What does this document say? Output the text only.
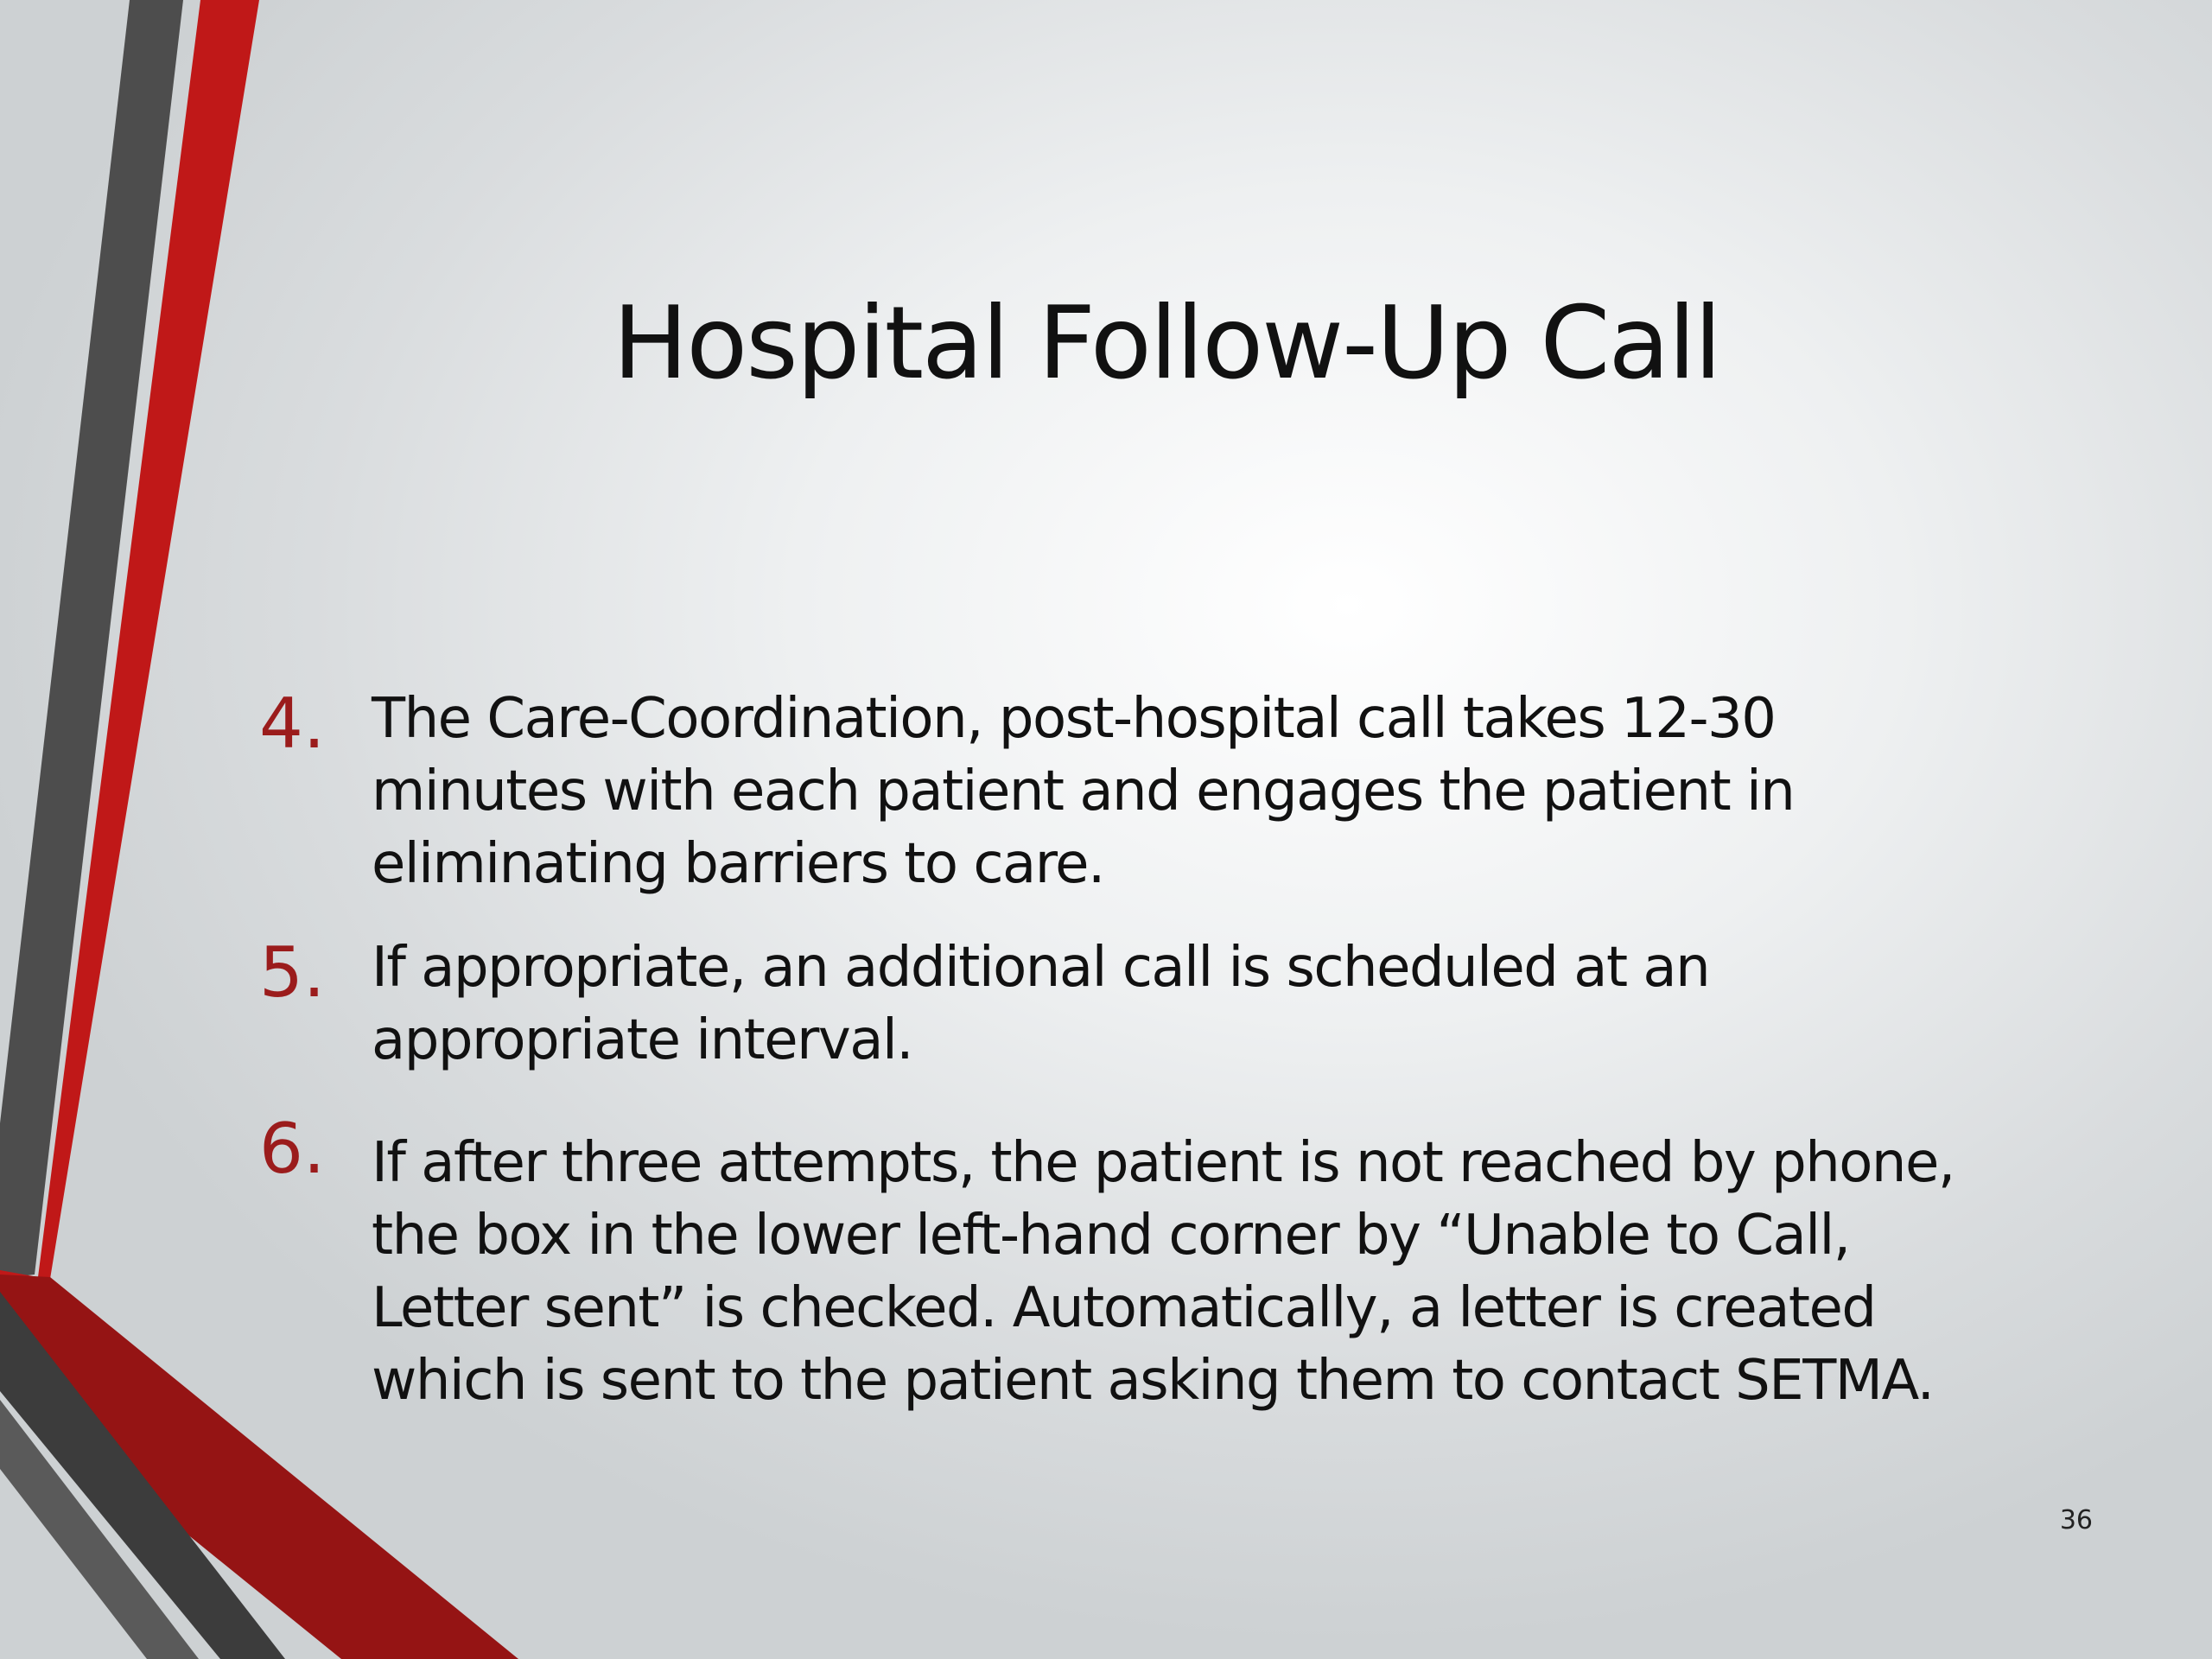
Hospital Follow-Up Call
4. The Care-Coordination, post-hospital call takes 12-30
minutes with each patient and engages the patient in
eliminating barriers to care.
5. If appropriate, an additional call is scheduled at an
appropriate interval.
6. If after three attempts, the patient is not reached by phone,
the box in the lower left-hand corner by “Unable to Call,
Letter sent” is checked. Automatically, a letter is created
which is sent to the patient asking them to contact SETMA.
36
